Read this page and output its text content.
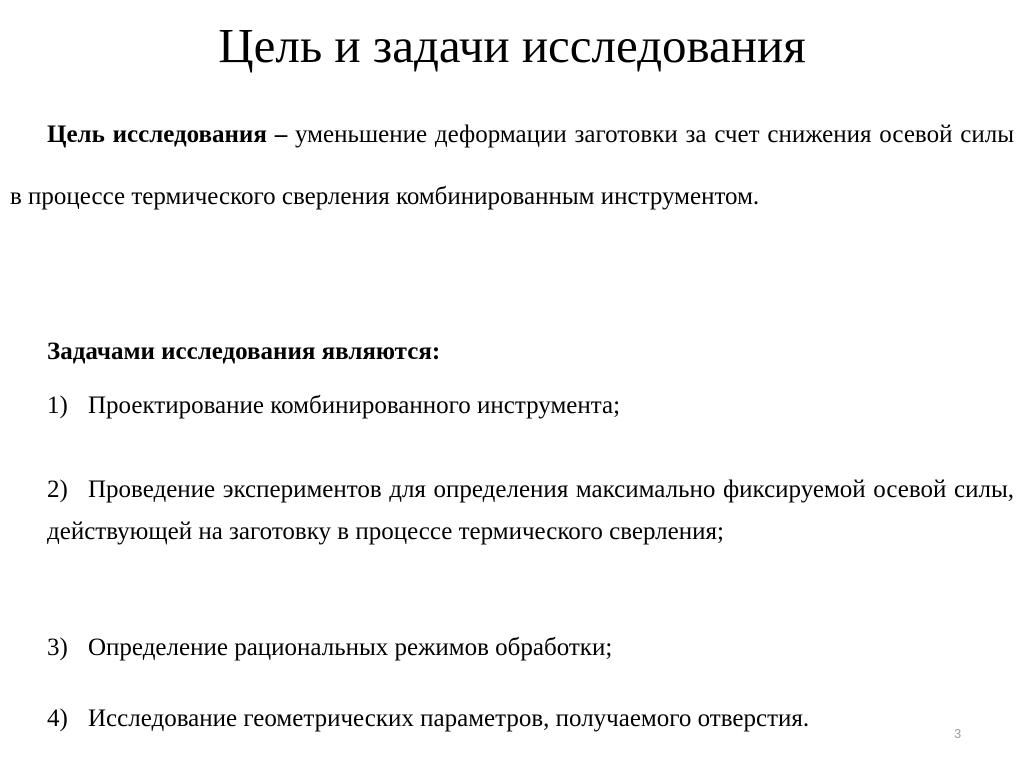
Цель и задачи исследования
Цель исследования – уменьшение деформации заготовки за счет снижения осевой силы в процессе термического сверления комбинированным инструментом.
Задачами исследования являются:
1) Проектирование комбинированного инструмента;
2) Проведение экспериментов для определения максимально фиксируемой осевой силы, действующей на заготовку в процессе термического сверления;
3) Определение рациональных режимов обработки;
4) Исследование геометрических параметров, получаемого отверстия.
3
